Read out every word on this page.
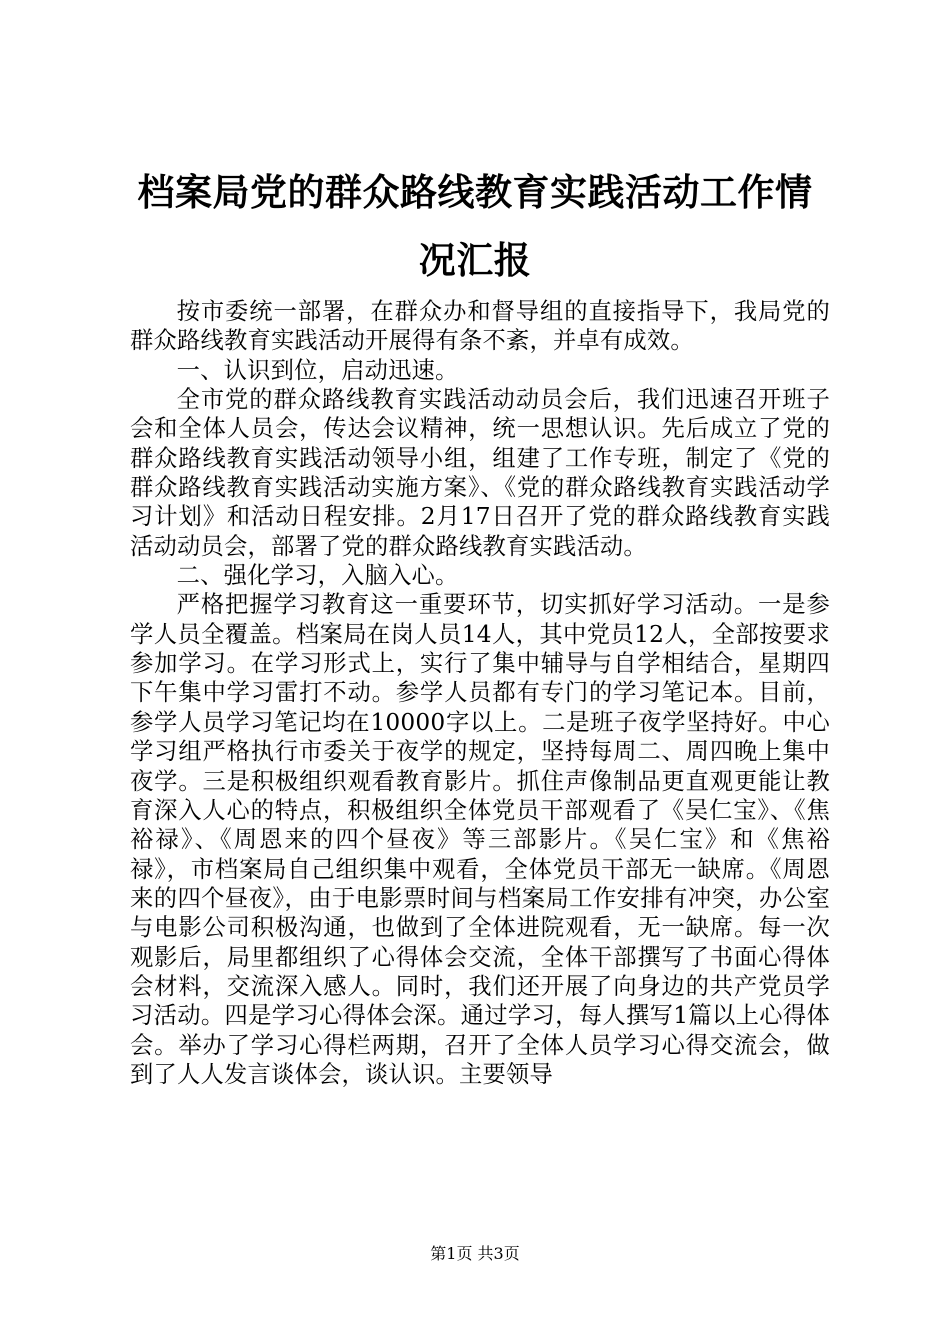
档案局党的群众路线教育实践活动工作情况汇报

按市委统一部署，在群众办和督导组的直接指导下，我局党的群众路线教育实践活动开展得有条不紊，并卓有成效。

一、认识到位，启动迅速。

全市党的群众路线教育实践活动动员会后，我们迅速召开班子会和全体人员会，传达会议精神，统一思想认识。先后成立了党的群众路线教育实践活动领导小组，组建了工作专班，制定了《党的群众路线教育实践活动实施方案》、《党的群众路线教育实践活动学习计划》和活动日程安排。2月17日召开了党的群众路线教育实践活动动员会，部署了党的群众路线教育实践活动。

二、强化学习，入脑入心。

严格把握学习教育这一重要环节，切实抓好学习活动。一是参学人员全覆盖。档案局在岗人员14人，其中党员12人，全部按要求参加学习。在学习形式上，实行了集中辅导与自学相结合，星期四下午集中学习雷打不动。参学人员都有专门的学习笔记本。目前，参学人员学习笔记均在10000字以上。二是班子夜学坚持好。中心学习组严格执行市委关于夜学的规定，坚持每周二、周四晚上集中夜学。三是积极组织观看教育影片。抓住声像制品更直观更能让教育深入人心的特点，积极组织全体党员干部观看了《吴仁宝》、《焦裕禄》、《周恩来的四个昼夜》等三部影片。《吴仁宝》和《焦裕禄》，市档案局自己组织集中观看，全体党员干部无一缺席。《周恩来的四个昼夜》，由于电影票时间与档案局工作安排有冲突，办公室与电影公司积极沟通，也做到了全体进院观看，无一缺席。每一次观影后，局里都组织了心得体会交流，全体干部撰写了书面心得体会材料，交流深入感人。同时，我们还开展了向身边的共产党员学习活动。四是学习心得体会深。通过学习，每人撰写1篇以上心得体会。举办了学习心得栏两期，召开了全体人员学习心得交流会，做到了人人发言谈体会，谈认识。主要领导

第1页 共3页
